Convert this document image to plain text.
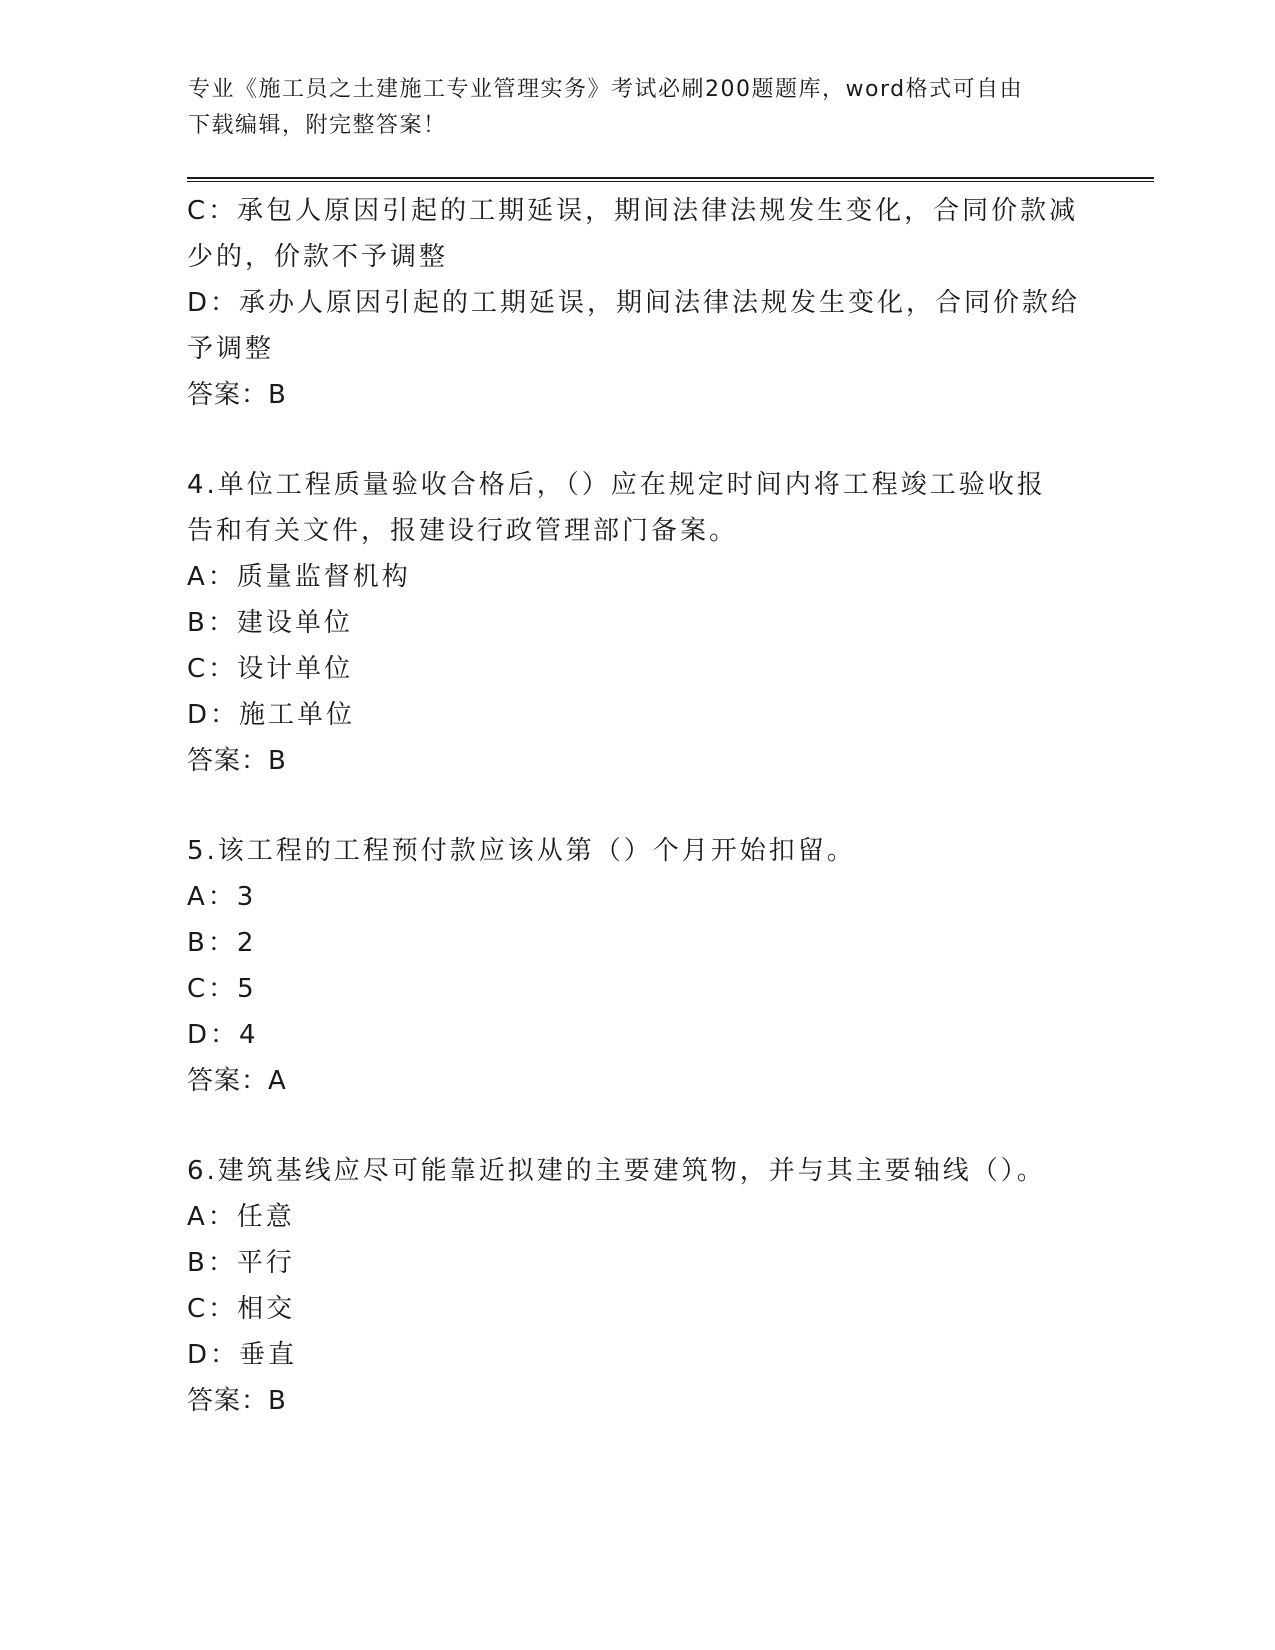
专业《施工员之土建施工专业管理实务》考试必刷200题题库，word格式可自由
下载编辑，附完整答案！
C：承包人原因引起的工期延误，期间法律法规发生变化，合同价款减
少的，价款不予调整
D：承办人原因引起的工期延误，期间法律法规发生变化，合同价款给
予调整
答案：B
4.单位工程质量验收合格后，（）应在规定时间内将工程竣工验收报
告和有关文件，报建设行政管理部门备案。
A：质量监督机构
B：建设单位
C：设计单位
D：施工单位
答案：B
5.该工程的工程预付款应该从第（）个月开始扣留。
A：3
B：2
C：5
D：4
答案：A
6.建筑基线应尽可能靠近拟建的主要建筑物，并与其主要轴线（）。
A：任意
B：平行
C：相交
D：垂直
答案：B
